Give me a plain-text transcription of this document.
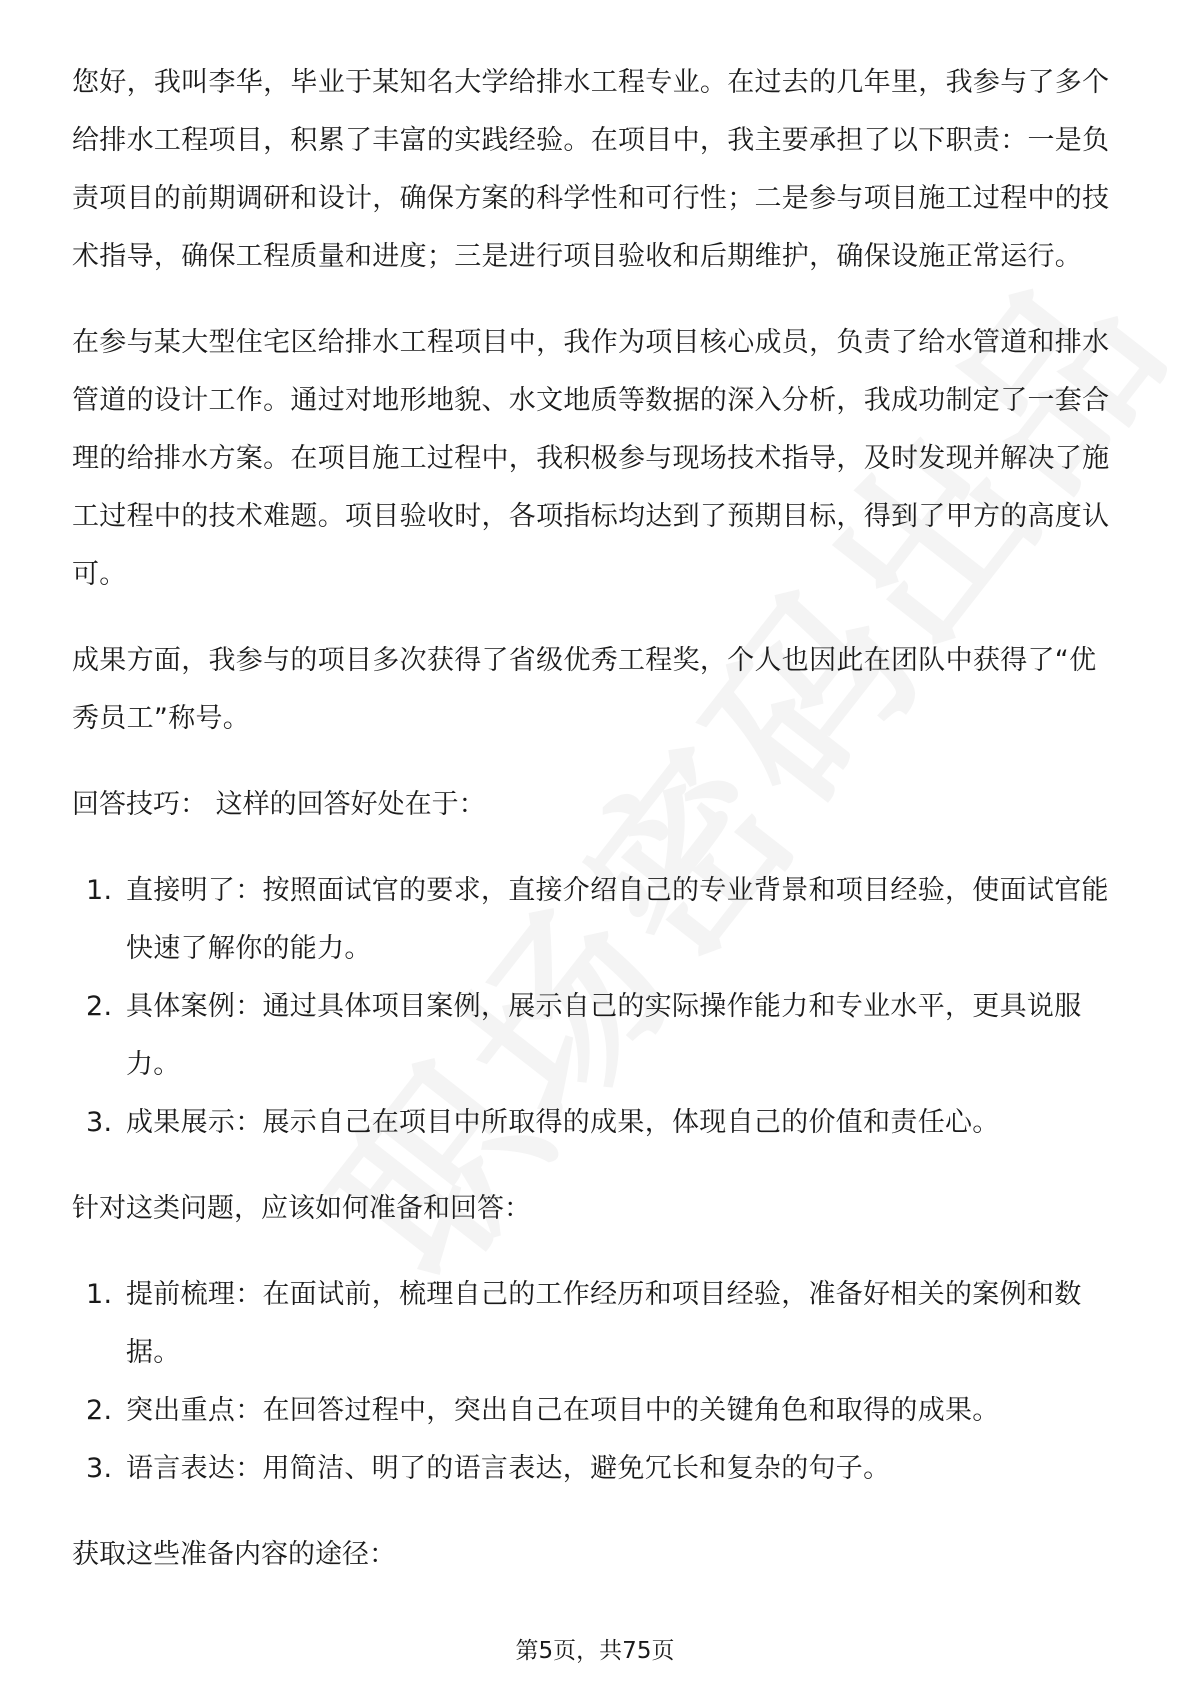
您好，我叫李华，毕业于某知名大学给排水工程专业。在过去的几年里，我参与了多个给排水工程项目，积累了丰富的实践经验。在项目中，我主要承担了以下职责：一是负责项目的前期调研和设计，确保方案的科学性和可行性；二是参与项目施工过程中的技术指导，确保工程质量和进度；三是进行项目验收和后期维护，确保设施正常运行。

在参与某大型住宅区给排水工程项目中，我作为项目核心成员，负责了给水管道和排水管道的设计工作。通过对地形地貌、水文地质等数据的深入分析，我成功制定了一套合理的给排水方案。在项目施工过程中，我积极参与现场技术指导，及时发现并解决了施工过程中的技术难题。项目验收时，各项指标均达到了预期目标，得到了甲方的高度认可。

成果方面，我参与的项目多次获得了省级优秀工程奖，个人也因此在团队中获得了“优秀员工”称号。

回答技巧： 这样的回答好处在于：

1. 直接明了：按照面试官的要求，直接介绍自己的专业背景和项目经验，使面试官能快速了解你的能力。
2. 具体案例：通过具体项目案例，展示自己的实际操作能力和专业水平，更具说服力。
3. 成果展示：展示自己在项目中所取得的成果，体现自己的价值和责任心。

针对这类问题，应该如何准备和回答：

1. 提前梳理：在面试前，梳理自己的工作经历和项目经验，准备好相关的案例和数据。
2. 突出重点：在回答过程中，突出自己在项目中的关键角色和取得的成果。
3. 语言表达：用简洁、明了的语言表达，避免冗长和复杂的句子。

获取这些准备内容的途径：

第5页，共75页
